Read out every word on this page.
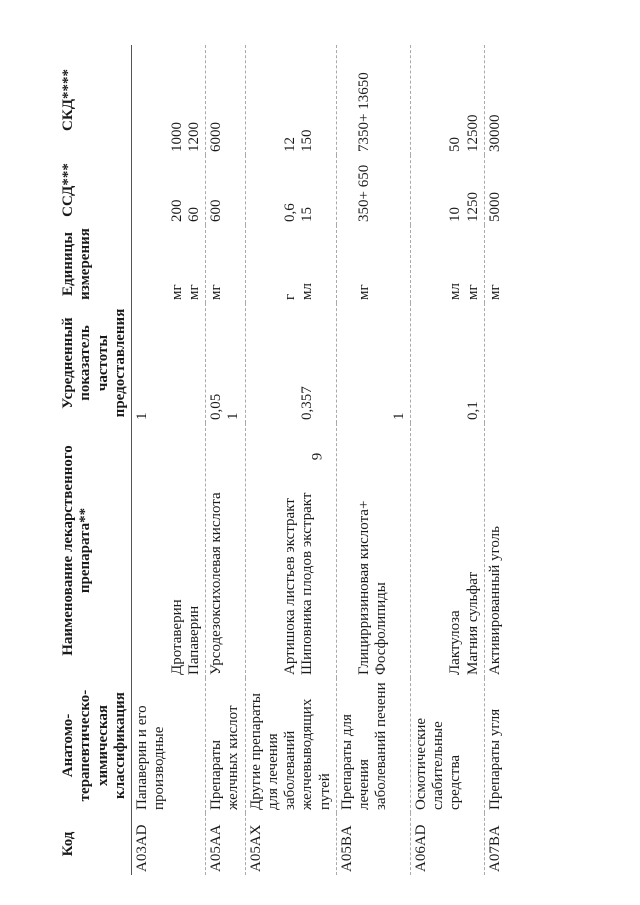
9
Код	Анатомо-терапевтическо-химическая классификация	Наименование лекарственного препарата**	Усредненный показатель частоты предоставления	Единицы измерения	ССД***	СКД****
A03AD	Папаверин и его производные	Дротаверин Папаверин	1	мг мг	200 60	1000 1200

A05AA	Препараты желчных кислот	Урсодезоксихолевая кислота	0,05 1	мг	600	6000

A05AX	Другие препараты для лечения заболеваний желчевыводящих путей	Артишока листьев экстракт Шиповника плодов экстракт	0,357	г мл	0,6 15	12 150

A05BA	Препараты для лечения заболеваний печени	Глицирризиновая кислота+ Фосфолипиды	1	мг	350+ 650	7350+ 13650
A06AD	Осмотические слабительные средства	Лактулоза Магния сульфат	0,1	мл мг	10 1250	50 12500

A07BA	Препараты угля	Активированный уголь		мг	5000	30000
